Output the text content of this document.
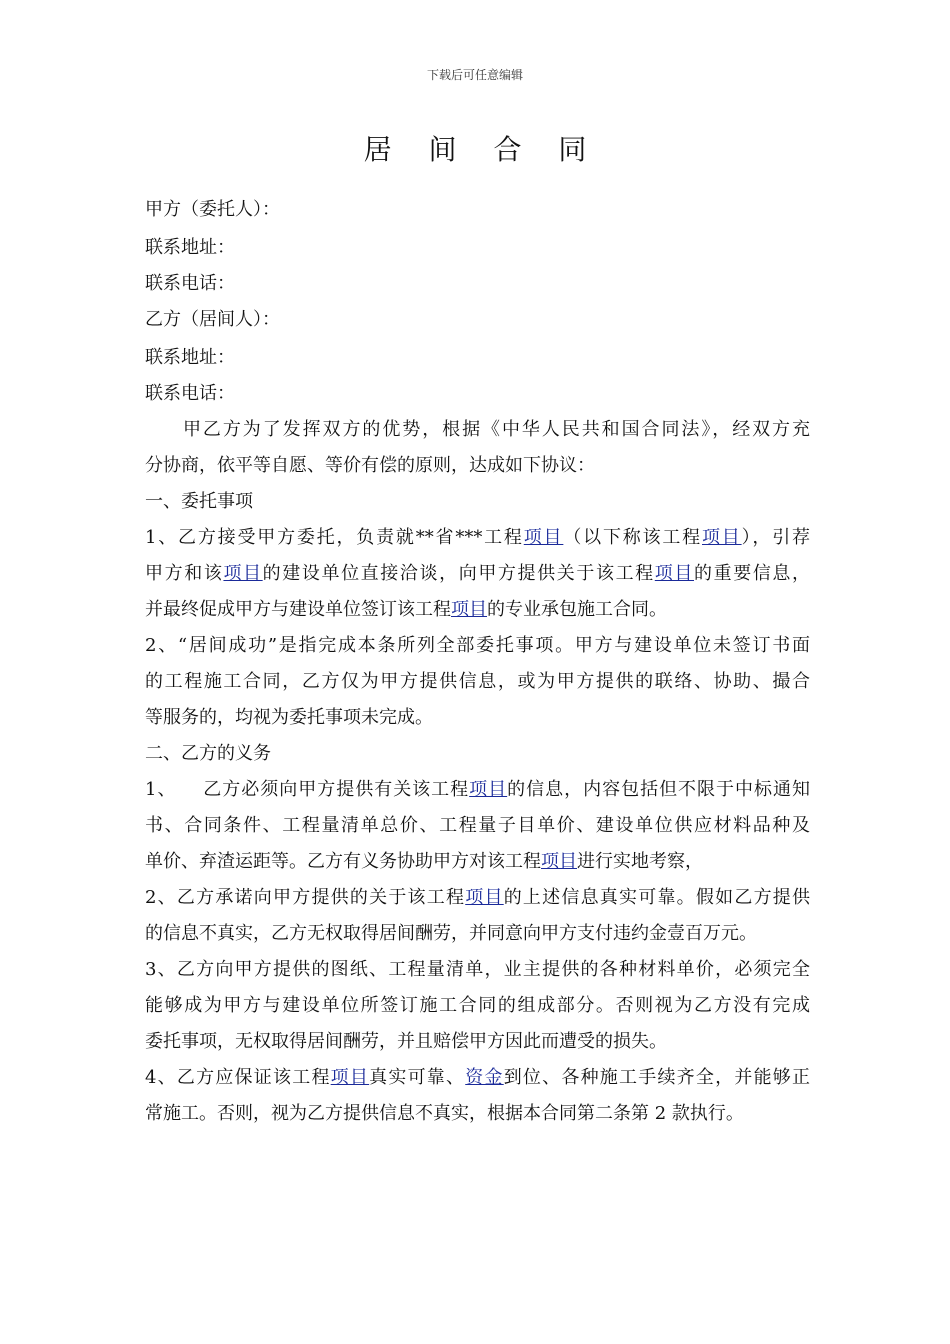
下载后可任意编辑
居 间 合 同
甲方（委托人）：
联系地址：
联系电话：
乙方（居间人）：
联系地址：
联系电话：
甲乙方为了发挥双方的优势，根据《中华人民共和国合同法》，经双方充
分协商，依平等自愿、等价有偿的原则，达成如下协议：
一、委托事项
1、乙方接受甲方委托，负责就**省***工程项目（以下称该工程项目），引荐
甲方和该项目的建设单位直接洽谈，向甲方提供关于该工程项目的重要信息，
并最终促成甲方与建设单位签订该工程项目的专业承包施工合同。
2、“居间成功”是指完成本条所列全部委托事项。甲方与建设单位未签订书面
的工程施工合同，乙方仅为甲方提供信息，或为甲方提供的联络、协助、撮合
等服务的，均视为委托事项未完成。
二、乙方的义务
1、    乙方必须向甲方提供有关该工程项目的信息，内容包括但不限于中标通知
书、合同条件、工程量清单总价、工程量子目单价、建设单位供应材料品种及
单价、弃渣运距等。乙方有义务协助甲方对该工程项目进行实地考察，
2、乙方承诺向甲方提供的关于该工程项目的上述信息真实可靠。假如乙方提供
的信息不真实，乙方无权取得居间酬劳，并同意向甲方支付违约金壹百万元。
3、乙方向甲方提供的图纸、工程量清单，业主提供的各种材料单价，必须完全
能够成为甲方与建设单位所签订施工合同的组成部分。否则视为乙方没有完成
委托事项，无权取得居间酬劳，并且赔偿甲方因此而遭受的损失。
4、乙方应保证该工程项目真实可靠、资金到位、各种施工手续齐全，并能够正
常施工。否则，视为乙方提供信息不真实，根据本合同第二条第 2 款执行。
